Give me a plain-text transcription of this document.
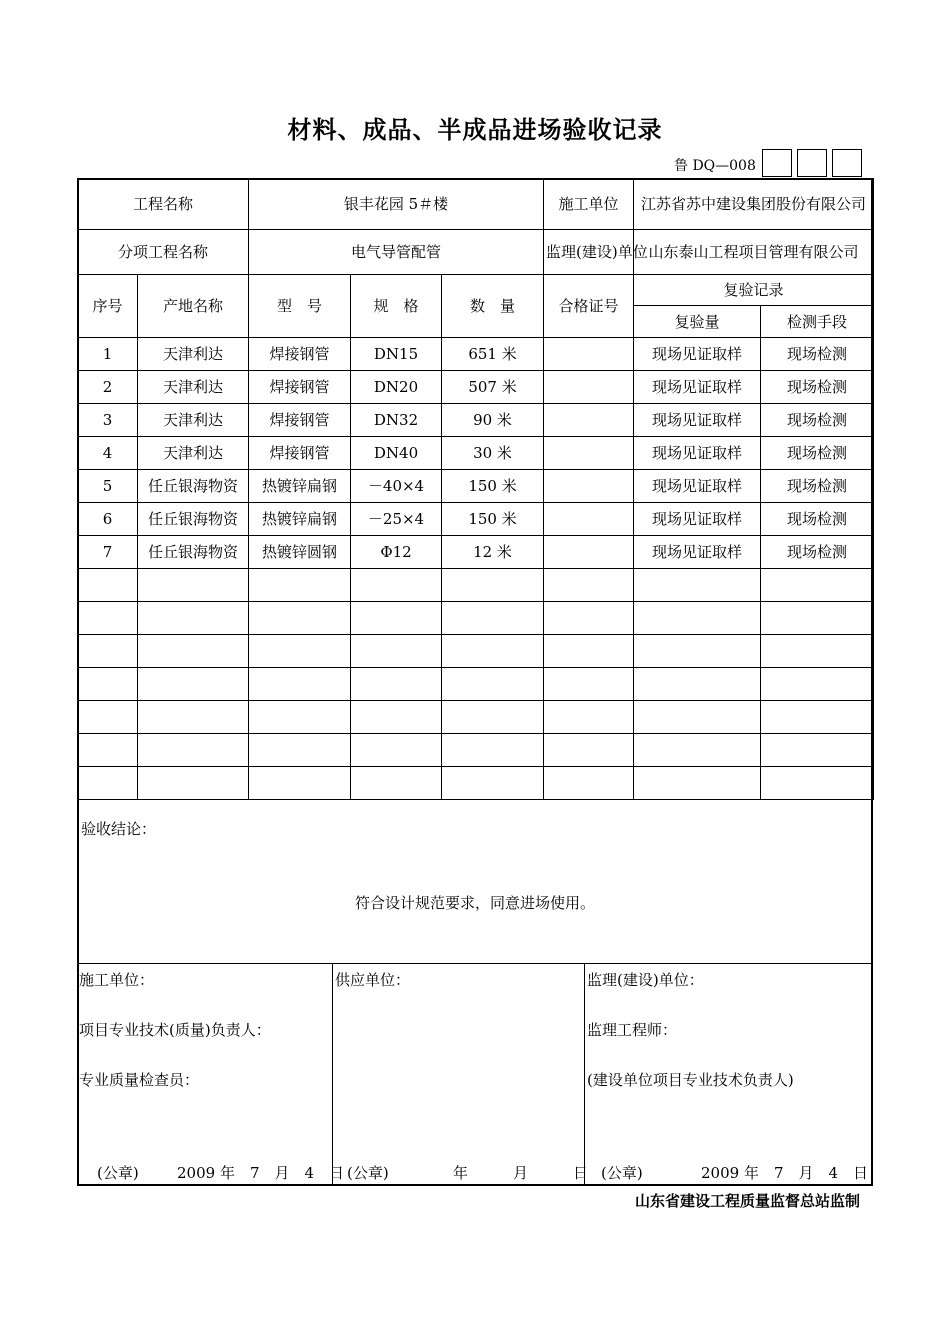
材料、成品、半成品进场验收记录
鲁 DQ—008
工程名称		银丰花园 5＃楼			施工单位	江苏省苏中建设集团股份有限公司	
分项工程名称		电气导管配管			监理(建设)单位	山东泰山工程项目管理有限公司	
序号	产地名称	型　号	规　格	数　量	合格证号	复验记录	
						复验量	检测手段
1	天津利达	焊接钢管	DN15	651 米		现场见证取样	现场检测
2	天津利达	焊接钢管	DN20	507 米		现场见证取样	现场检测
3	天津利达	焊接钢管	DN32	90 米		现场见证取样	现场检测
4	天津利达	焊接钢管	DN40	30 米		现场见证取样	现场检测
5	任丘银海物资	热镀锌扁钢	－40×4	150 米		现场见证取样	现场检测
6	任丘银海物资	热镀锌扁钢	－25×4	150 米		现场见证取样	现场检测
7	任丘银海物资	热镀锌圆钢	Φ12	12 米		现场见证取样	现场检测

验收结论：
符合设计规范要求，同意进场使用。
施工单位：
项目专业技术(质量)负责人：
专业质量检查员：
(公章)	2009 年　7　月　4　日
供应单位：
(公章)	年　　　月　　　日
监理(建设)单位：
监理工程师：
(建设单位项目专业技术负责人)
(公章)	2009 年　7　月　4　日
山东省建设工程质量监督总站监制
